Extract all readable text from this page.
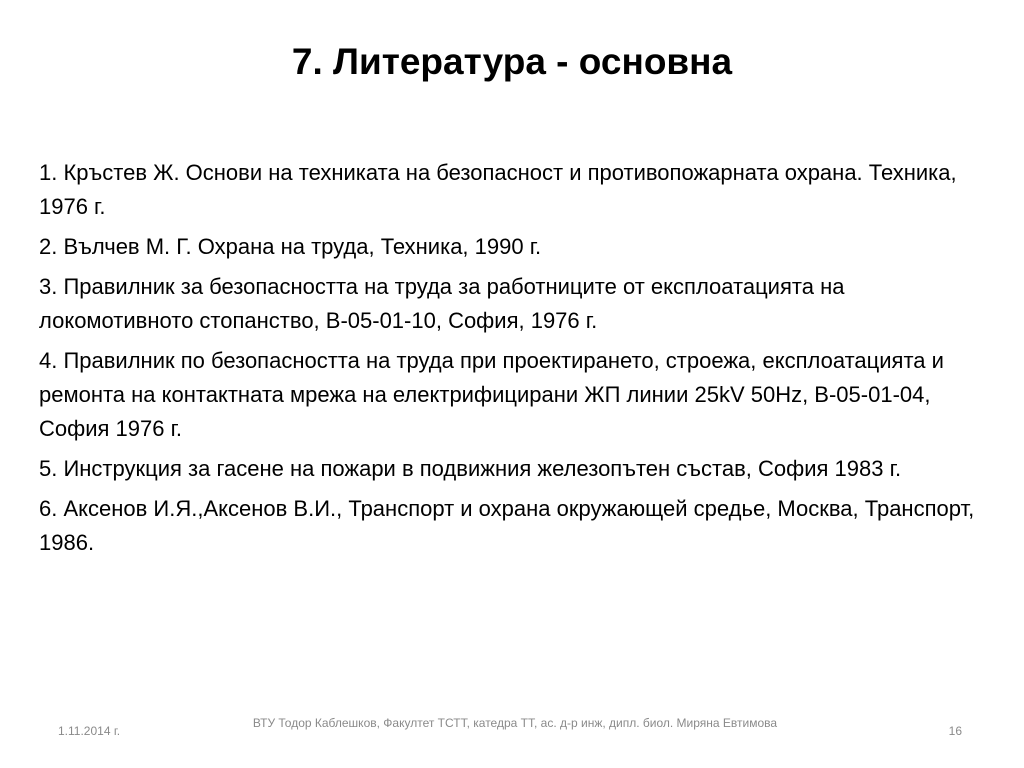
7. Литература - основна
1. Кръстев Ж. Основи на техниката на безопасност и противопожарната охрана. Техника, 1976 г.
2. Вълчев М. Г. Охрана на труда, Техника, 1990 г.
3. Правилник за безопасността на труда за работниците от експлоатацията на локомотивното стопанство, В-05-01-10, София, 1976 г.
4. Правилник по безопасността на труда при проектирането, строежа, експлоатацията и ремонта на контактната мрежа на електрифицирани ЖП линии 25kV 50Hz, В-05-01-04, София 1976 г.
5. Инструкция за гасене на пожари в подвижния железопътен състав, София 1983 г.
6. Аксенов И.Я.,Аксенов В.И., Транспорт и охрана окружающей средье, Москва, Транспорт, 1986.
1.11.2014 г.
ВТУ Тодор Каблешков, Факултет ТСТТ, катедра ТТ, ас. д-р инж, дипл. биол. Миряна Евтимова
16
